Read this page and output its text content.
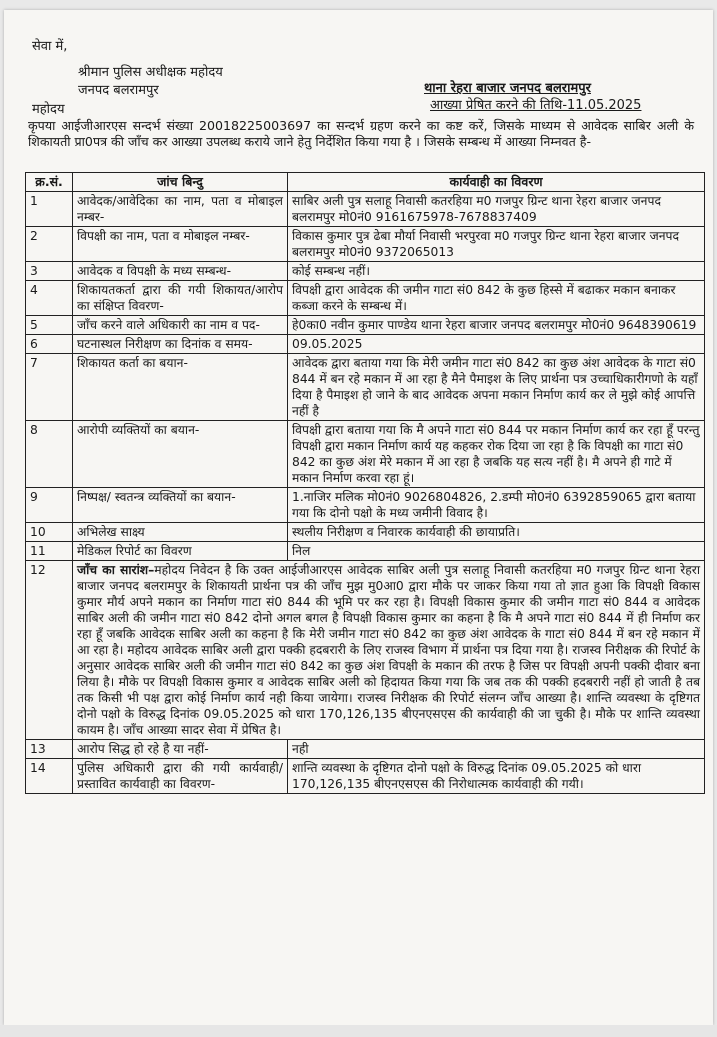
सेवा में,
श्रीमान पुलिस अधीक्षक महोदय
जनपद बलरामपुर	थाना रेहरा बाजार जनपद बलरामपुर
आख्या प्रेषित करने की तिथि-11.05.2025
महोदय
कृपया आईजीआरएस सन्दर्भ संख्या 20018225003697 का सन्दर्भ ग्रहण करने का कष्ट करें, जिसके माध्यम से आवेदक साबिर अली के शिकायती प्रा0पत्र की जाँच कर आख्या उपलब्ध कराये जाने हेतु निर्देशित किया गया है । जिसके सम्बन्ध में आख्या निम्नवत है-
क्र.सं.	जांच बिन्दु	कार्यवाही का विवरण
1	आवेदक/आवेदिका का नाम, पता व मोबाइल नम्बर-	साबिर अली पुत्र सलाहू निवासी कतरहिया म0 गजपुर ग्रिन्ट थाना रेहरा बाजार जनपद बलरामपुर मो0नं0 9161675978-7678837409
2	विपक्षी का नाम, पता व मोबाइल नम्बर-	विकास कुमार पुत्र ढेबा मौर्या निवासी भरपुरवा म0 गजपुर ग्रिन्ट थाना रेहरा बाजार जनपद बलरामपुर मो0नं0 9372065013
3	आवेदक व विपक्षी के मध्य सम्बन्ध-	कोई सम्बन्ध नहीं।
4	शिकायतकर्ता द्वारा की गयी शिकायत/आरोप का संक्षिप्त विवरण-	विपक्षी द्वारा आवेदक की जमीन गाटा सं0 842 के कुछ हिस्से में बढाकर मकान बनाकर कब्जा करने के सम्बन्ध में।
5	जाँच करने वाले अधिकारी का नाम व पद-	हे0का0 नवीन कुमार पाण्डेय थाना रेहरा बाजार जनपद बलरामपुर मो0नं0 9648390619
6	घटनास्थल निरीक्षण का दिनांक व समय-	09.05.2025
7	शिकायत कर्ता का बयान-	आवेदक द्वारा बताया गया कि मेरी जमीन गाटा सं0 842 का कुछ अंश आवेदक के गाटा सं0 844 में बन रहे मकान में आ रहा है मैने पैमाइश के लिए प्रार्थना पत्र उच्चाधिकारीगणो के यहाँ दिया है पैमाइश हो जाने के बाद आवेदक अपना मकान निर्माण कार्य कर ले मुझे कोई आपत्ति नहीं है
8	आरोपी व्यक्तियों का बयान-	विपक्षी द्वारा बताया गया कि मै अपने गाटा सं0 844 पर मकान निर्माण कार्य कर रहा हूँ परन्तु विपक्षी द्वारा मकान निर्माण कार्य यह कहकर रोक दिया जा रहा है कि विपक्षी का गाटा सं0 842 का कुछ अंश मेरे मकान में आ रहा है जबकि यह सत्य नहीं है। मै अपने ही गाटे में मकान निर्माण करवा रहा हूं।
9	निष्पक्ष/ स्वतन्त्र व्यक्तियों का बयान-	1.नाजिर मलिक मो0नं0 9026804826, 2.डम्पी मो0नं0 6392859065 द्वारा बताया गया कि दोनो पक्षो के मध्य जमीनी विवाद है।
10	अभिलेख साक्ष्य	स्थलीय निरीक्षण व निवारक कार्यवाही की छायाप्रति।
11	मेडिकल रिपोर्ट का विवरण	निल
12	जाँच का सारांश–महोदय निवेदन है कि उक्त आईजीआरएस आवेदक साबिर अली पुत्र सलाहू निवासी कतरहिया म0 गजपुर ग्रिन्ट थाना रेहरा बाजार जनपद बलरामपुर के शिकायती प्रार्थना पत्र की जाँच मुझ मु0आ0 द्वारा मौके पर जाकर किया गया तो ज्ञात हुआ कि विपक्षी विकास कुमार मौर्य अपने मकान का निर्माण गाटा सं0 844 की भूमि पर कर रहा है। विपक्षी विकास कुमार की जमीन गाटा सं0 844 व आवेदक साबिर अली की जमीन गाटा सं0 842 दोनो अगल बगल है विपक्षी विकास कुमार का कहना है कि मै अपने गाटा सं0 844 में ही निर्माण कर रहा हूँ जबकि आवेदक साबिर अली का कहना है कि मेरी जमीन गाटा सं0 842 का कुछ अंश आवेदक के गाटा सं0 844 में बन रहे मकान में आ रहा है। महोदय आवेदक साबिर अली द्वारा पक्की हदबरारी के लिए राजस्व विभाग में प्रार्थना पत्र दिया गया है। राजस्व निरीक्षक की रिपोर्ट के अनुसार आवेदक साबिर अली की जमीन गाटा सं0 842 का कुछ अंश विपक्षी के मकान की तरफ है जिस पर विपक्षी अपनी पक्की दीवार बना लिया है। मौके पर विपक्षी विकास कुमार व आवेदक साबिर अली को हिदायत किया गया कि जब तक की पक्की हदबरारी नहीं हो जाती है तब तक किसी भी पक्ष द्वारा कोई निर्माण कार्य नही किया जायेगा। राजस्व निरीक्षक की रिपोर्ट संलग्न जाँच आख्या है। शान्ति व्यवस्था के दृष्टिगत दोनो पक्षो के विरुद्ध दिनांक 09.05.2025 को धारा 170,126,135 बीएनएसएस की कार्यवाही की जा चुकी है। मौके पर शान्ति व्यवस्था कायम है। जाँच आख्या सादर सेवा में प्रेषित है।	
13	आरोप सिद्ध हो रहे है या नहीं-	नही
14	पुलिस अधिकारी द्वारा की गयी कार्यवाही/प्रस्तावित कार्यवाही का विवरण-	शान्ति व्यवस्था के दृष्टिगत दोनो पक्षो के विरुद्ध दिनांक 09.05.2025 को धारा 170,126,135 बीएनएसएस की निरोधात्मक कार्यवाही की गयी।
